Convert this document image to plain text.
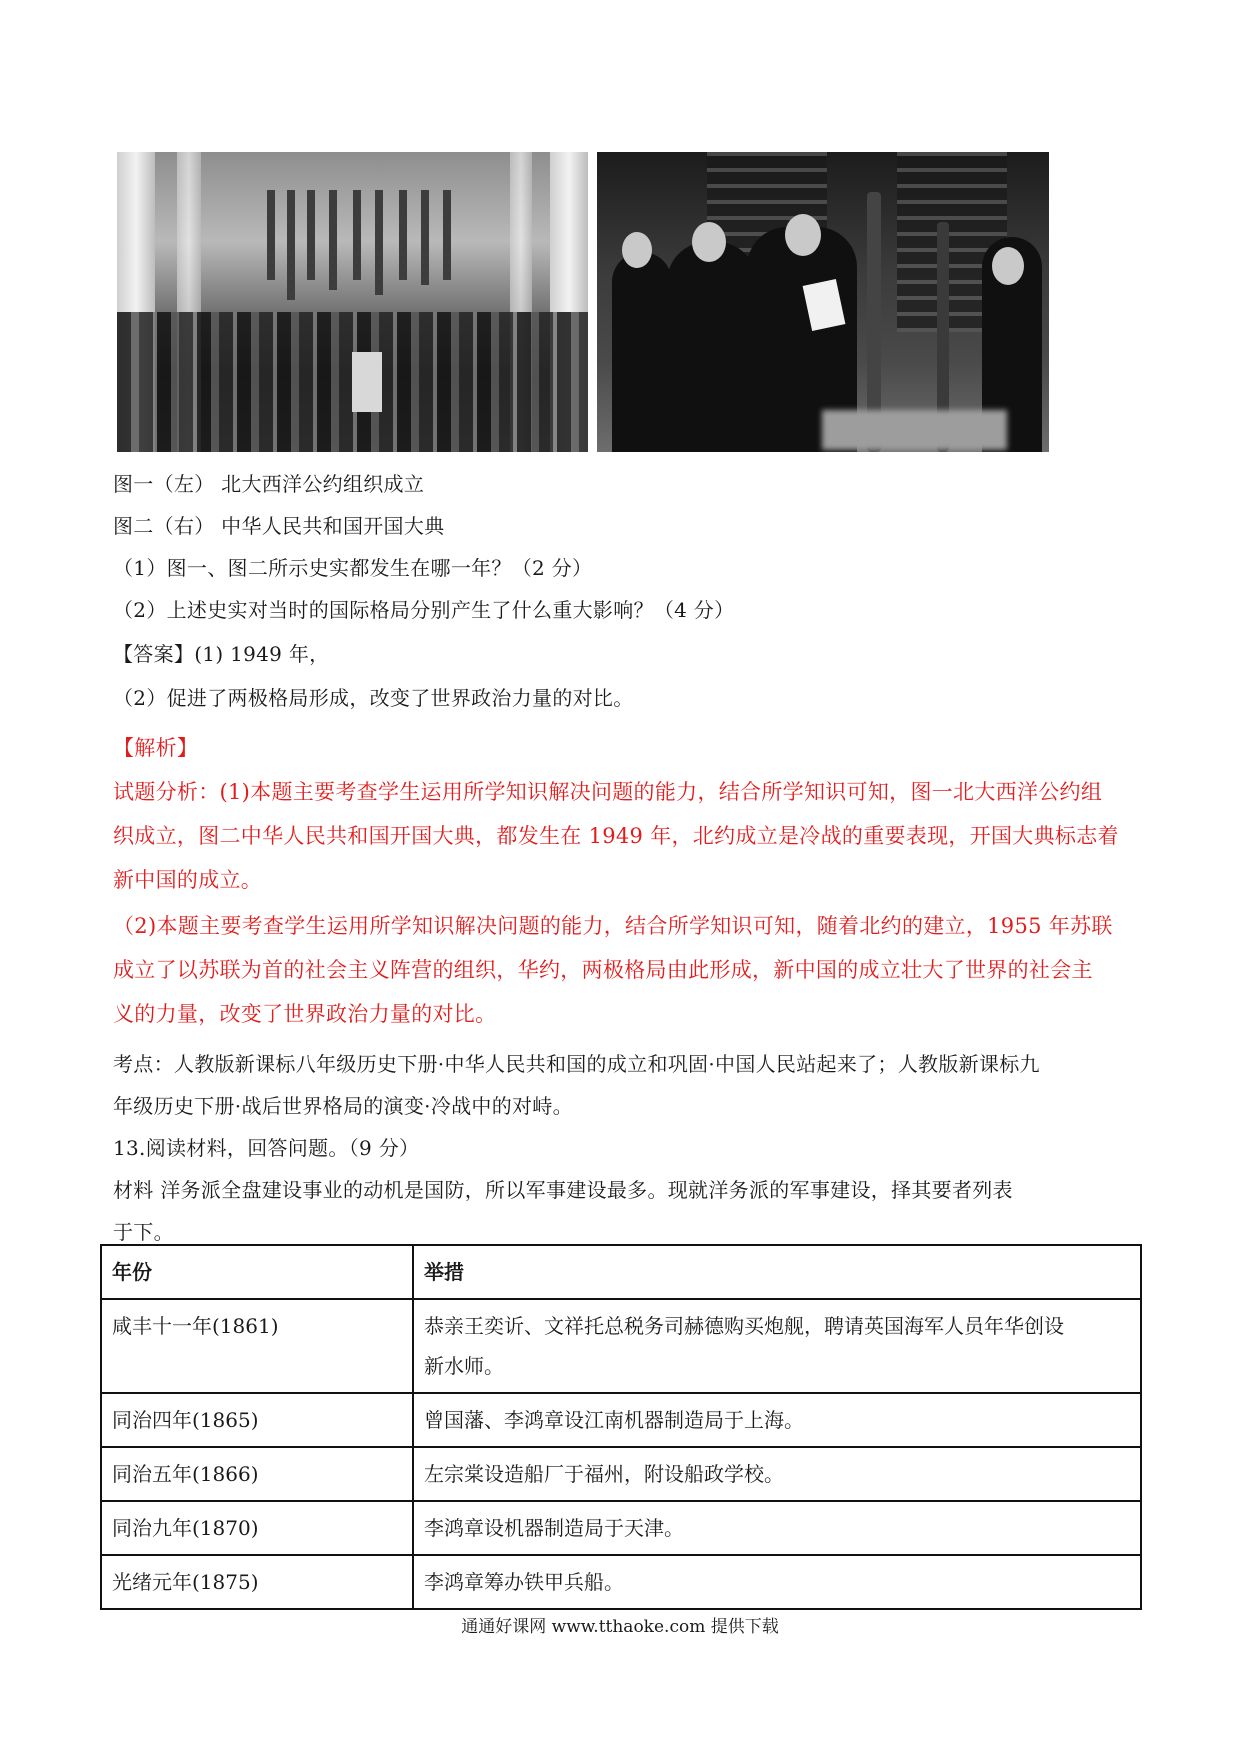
图一（左） 北大西洋公约组织成立
图二（右） 中华人民共和国开国大典
（1）图一、图二所示史实都发生在哪一年？（2 分）
（2）上述史实对当时的国际格局分别产生了什么重大影响？（4 分）
【答案】(1) 1949 年，
（2）促进了两极格局形成，改变了世界政治力量的对比。
【解析】
试题分析：(1)本题主要考查学生运用所学知识解决问题的能力，结合所学知识可知，图一北大西洋公约组
织成立，图二中华人民共和国开国大典，都发生在 1949 年，北约成立是冷战的重要表现，开国大典标志着
新中国的成立。
（2)本题主要考查学生运用所学知识解决问题的能力，结合所学知识可知，随着北约的建立，1955 年苏联
成立了以苏联为首的社会主义阵营的组织，华约，两极格局由此形成，新中国的成立壮大了世界的社会主
义的力量，改变了世界政治力量的对比。
考点：人教版新课标八年级历史下册·中华人民共和国的成立和巩固·中国人民站起来了；人教版新课标九
年级历史下册·战后世界格局的演变·冷战中的对峙。
13.阅读材料，回答问题。（9 分）
材料 洋务派全盘建设事业的动机是国防，所以军事建设最多。现就洋务派的军事建设，择其要者列表
于下。
年份	举措
咸丰十一年(1861)	恭亲王奕䜣、文祥托总税务司赫德购买炮舰，聘请英国海军人员年华创设
新水师。

同治四年(1865)	曾国藩、李鸿章设江南机器制造局于上海。
同治五年(1866)	左宗棠设造船厂于福州，附设船政学校。
同治九年(1870)	李鸿章设机器制造局于天津。
光绪元年(1875)	李鸿章筹办铁甲兵船。
通通好课网 www.tthaoke.com 提供下载
